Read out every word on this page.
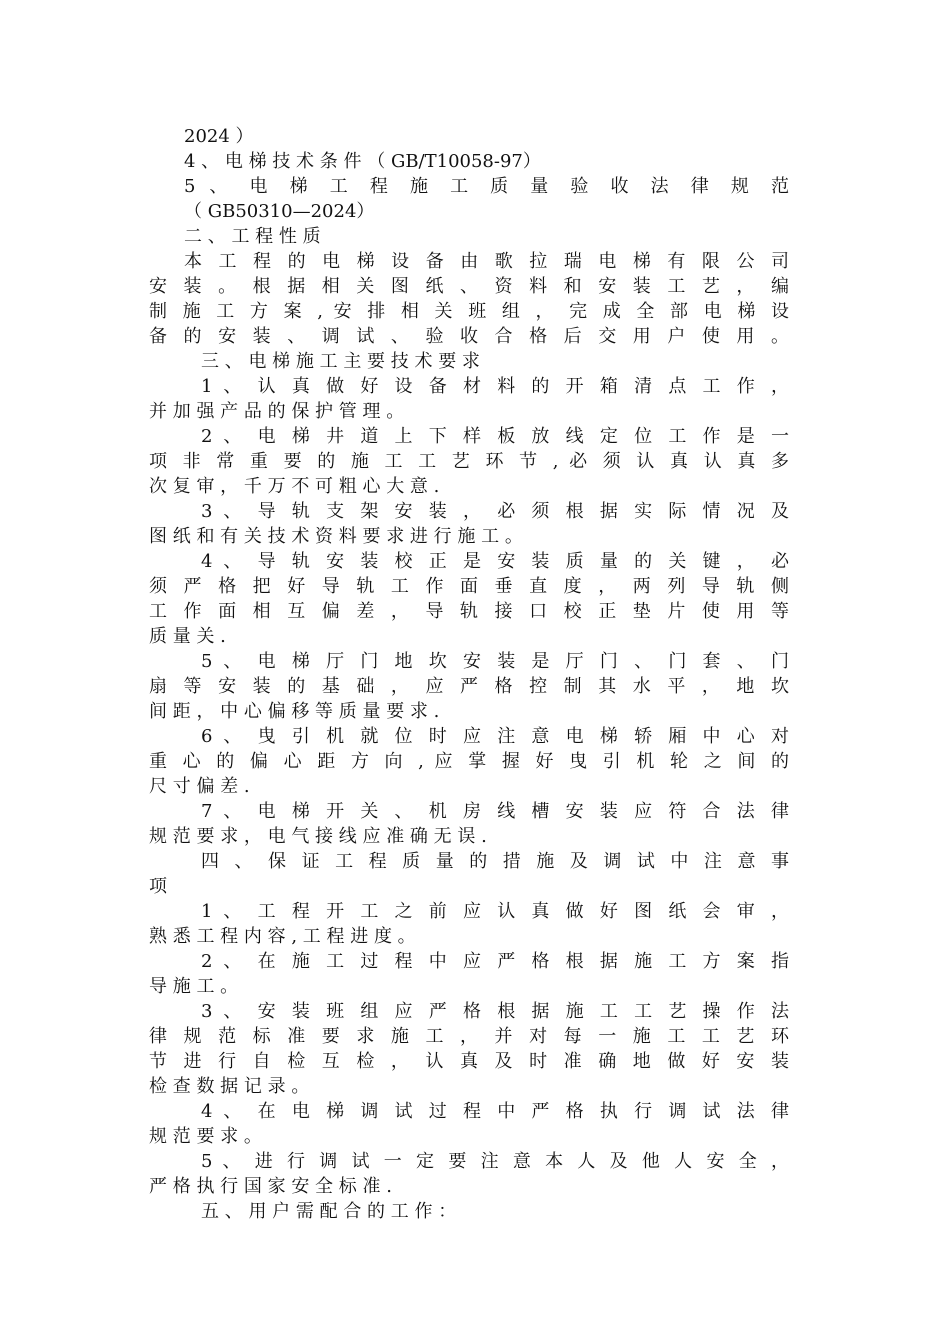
2024 ）
4 、 电 梯 技 术 条 件 （ GB/T10058-97）
5 、 电 梯 工 程 施 工 质 量 验 收 法 律 规 范
（ GB50310—2024）
二 、 工 程 性 质
本 工 程 的 电 梯 设 备 由 歌 拉 瑞 电 梯 有 限 公 司
安 装 。 根 据 相 关 图 纸 、 资 料 和 安 装 工 艺 ， 编
制 施 工 方 案 , 安 排 相 关 班 组 ， 完 成 全 部 电 梯 设
备 的 安 装 、 调 试 、 验 收 合 格 后 交 用 户 使 用 。
三 、 电 梯 施 工 主 要 技 术 要 求
1 、 认 真 做 好 设 备 材 料 的 开 箱 清 点 工 作 ，
并 加 强 产 品 的 保 护 管 理 。
2 、 电 梯 井 道 上 下 样 板 放 线 定 位 工 作 是 一
项 非 常 重 要 的 施 工 工 艺 环 节 , 必 须 认 真 认 真 多
次 复 审 ， 千 万 不 可 粗 心 大 意 .
3 、 导 轨 支 架 安 装 ， 必 须 根 据 实 际 情 况 及
图 纸 和 有 关 技 术 资 料 要 求 进 行 施 工 。
4 、 导 轨 安 装 校 正 是 安 装 质 量 的 关 键 ， 必
须 严 格 把 好 导 轨 工 作 面 垂 直 度 ， 两 列 导 轨 侧
工 作 面 相 互 偏 差 ， 导 轨 接 口 校 正 垫 片 使 用 等
质 量 关 .
5 、 电 梯 厅 门 地 坎 安 装 是 厅 门 、 门 套 、 门
扇 等 安 装 的 基 础 ， 应 严 格 控 制 其 水 平 ， 地 坎
间 距 ， 中 心 偏 移 等 质 量 要 求 .
6 、 曳 引 机 就 位 时 应 注 意 电 梯 轿 厢 中 心 对
重 心 的 偏 心 距 方 向 , 应 掌 握 好 曳 引 机 轮 之 间 的
尺 寸 偏 差 .
7 、 电 梯 开 关 、 机 房 线 槽 安 装 应 符 合 法 律
规 范 要 求 ， 电 气 接 线 应 准 确 无 误 .
四 、 保 证 工 程 质 量 的 措 施 及 调 试 中 注 意 事
项
1 、 工 程 开 工 之 前 应 认 真 做 好 图 纸 会 审 ，
熟 悉 工 程 内 容 , 工 程 进 度 。
2 、 在 施 工 过 程 中 应 严 格 根 据 施 工 方 案 指
导 施 工 。
3 、 安 装 班 组 应 严 格 根 据 施 工 工 艺 操 作 法
律 规 范 标 准 要 求 施 工 ， 并 对 每 一 施 工 工 艺 环
节 进 行 自 检 互 检 ， 认 真 及 时 准 确 地 做 好 安 装
检 查 数 据 记 录 。
4 、 在 电 梯 调 试 过 程 中 严 格 执 行 调 试 法 律
规 范 要 求 。
5 、 进 行 调 试 一 定 要 注 意 本 人 及 他 人 安 全 ，
严 格 执 行 国 家 安 全 标 准 .
五 、 用 户 需 配 合 的 工 作 ：
